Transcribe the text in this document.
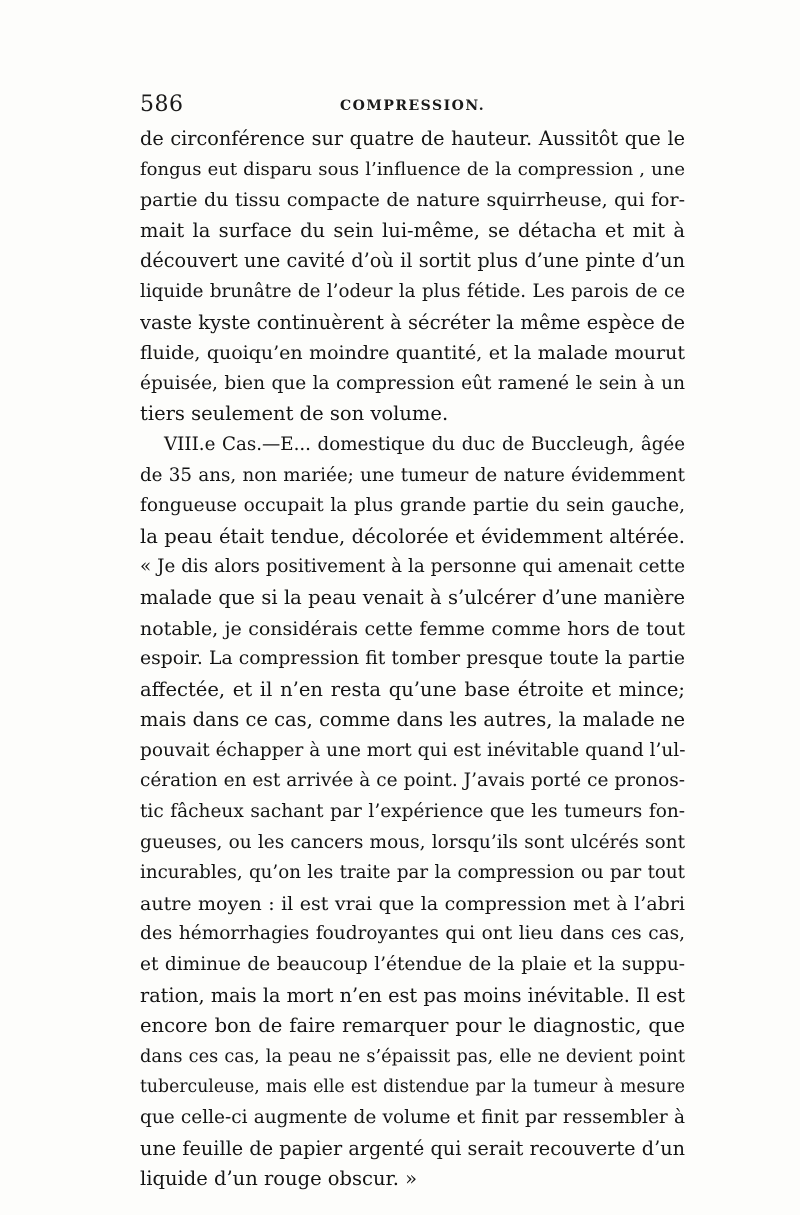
586	COMPRESSION.
de circonférence sur quatre de hauteur. Aussitôt que le
fongus eut disparu sous l’influence de la compression , une
partie du tissu compacte de nature squirrheuse, qui for-
mait la surface du sein lui-même, se détacha et mit à
découvert une cavité d’où il sortit plus d’une pinte d’un
liquide brunâtre de l’odeur la plus fétide. Les parois de ce
vaste kyste continuèrent à sécréter la même espèce de
fluide, quoiqu’en moindre quantité, et la malade mourut
épuisée, bien que la compression eût ramené le sein à un
tiers seulement de son volume.
VIII.e Cas.—E... domestique du duc de Buccleugh, âgée
de 35 ans, non mariée; une tumeur de nature évidemment
fongueuse occupait la plus grande partie du sein gauche,
la peau était tendue, décolorée et évidemment altérée.
« Je dis alors positivement à la personne qui amenait cette
malade que si la peau venait à s’ulcérer d’une manière
notable, je considérais cette femme comme hors de tout
espoir. La compression fit tomber presque toute la partie
affectée, et il n’en resta qu’une base étroite et mince;
mais dans ce cas, comme dans les autres, la malade ne
pouvait échapper à une mort qui est inévitable quand l’ul-
cération en est arrivée à ce point. J’avais porté ce pronos-
tic fâcheux sachant par l’expérience que les tumeurs fon-
gueuses, ou les cancers mous, lorsqu’ils sont ulcérés sont
incurables, qu’on les traite par la compression ou par tout
autre moyen : il est vrai que la compression met à l’abri
des hémorrhagies foudroyantes qui ont lieu dans ces cas,
et diminue de beaucoup l’étendue de la plaie et la suppu-
ration, mais la mort n’en est pas moins inévitable. Il est
encore bon de faire remarquer pour le diagnostic, que
dans ces cas, la peau ne s’épaissit pas, elle ne devient point
tuberculeuse, mais elle est distendue par la tumeur à mesure
que celle-ci augmente de volume et finit par ressembler à
une feuille de papier argenté qui serait recouverte d’un
liquide d’un rouge obscur. »
